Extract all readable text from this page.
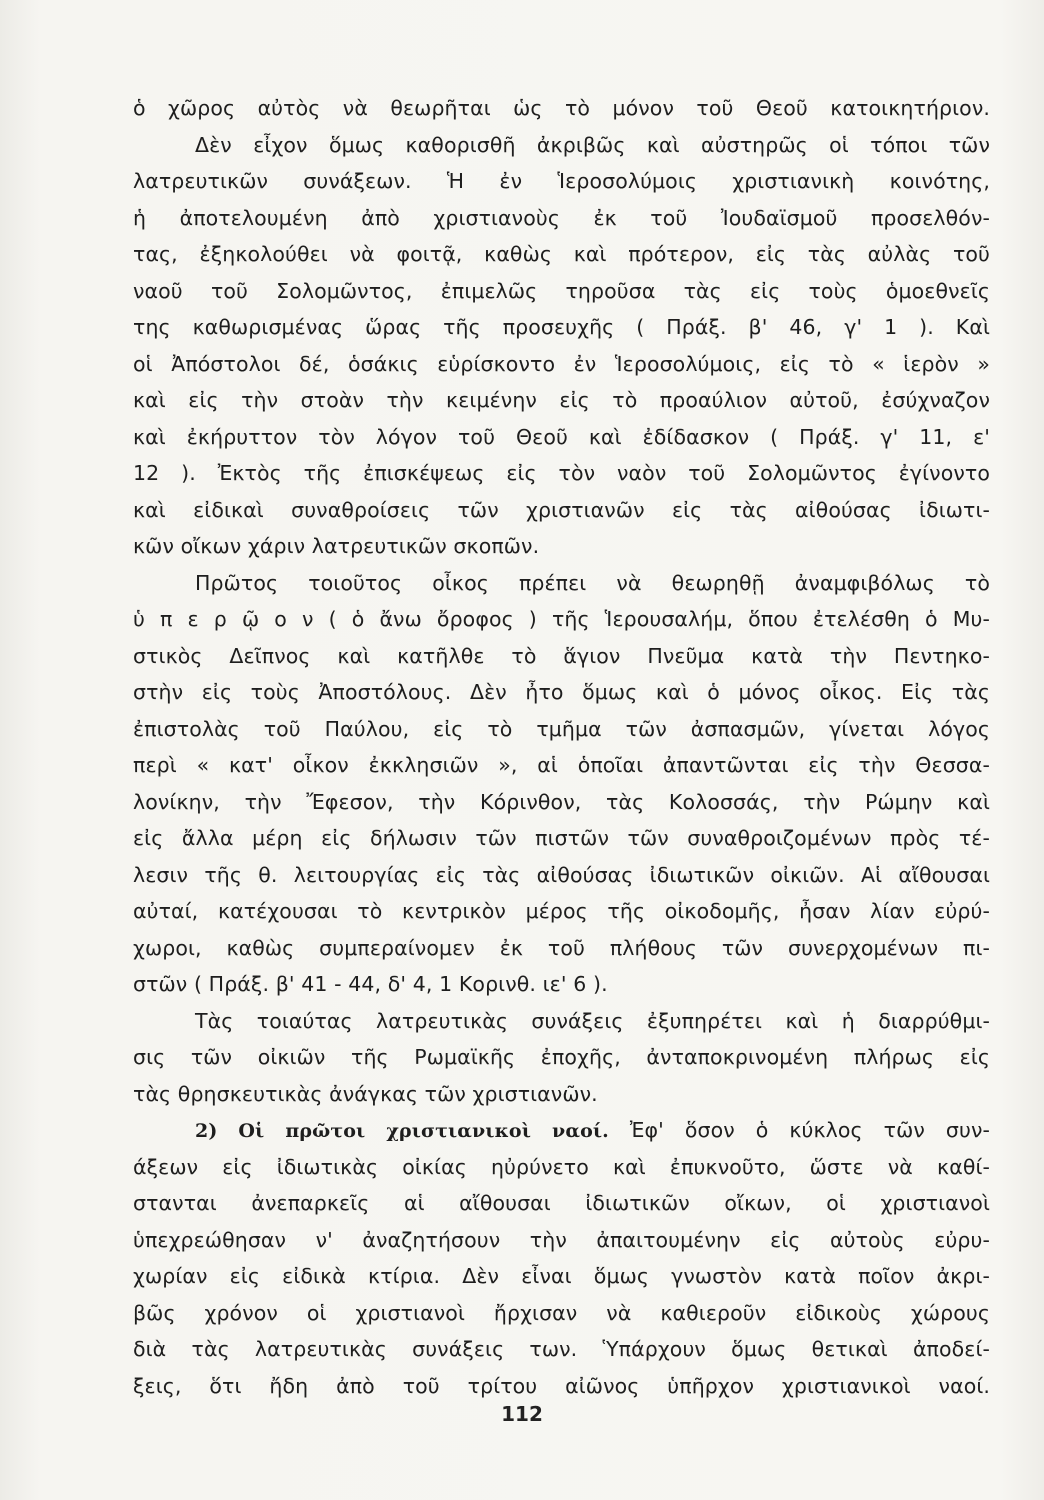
ὁ χῶρος αὐτὸς νὰ θεωρῆται ὡς τὸ μόνον τοῦ Θεοῦ κατοικητήριον.
Δὲν εἶχον ὅμως καθορισθῆ ἀκριβῶς καὶ αὐστηρῶς οἱ τόποι τῶν
λατρευτικῶν συνάξεων. Ἡ ἐν Ἱεροσολύμοις χριστιανικὴ κοινότης,
ἡ ἀποτελουμένη ἀπὸ χριστιανοὺς ἐκ τοῦ Ἰουδαϊσμοῦ προσελθόν-
τας, ἐξηκολούθει νὰ φοιτᾷ, καθὼς καὶ πρότερον, εἰς τὰς αὐλὰς τοῦ
ναοῦ τοῦ Σολομῶντος, ἐπιμελῶς τηροῦσα τὰς εἰς τοὺς ὁμοεθνεῖς
της καθωρισμένας ὥρας τῆς προσευχῆς ( Πράξ. β' 46, γ' 1 ). Καὶ
οἱ Ἀπόστολοι δέ, ὁσάκις εὑρίσκοντο ἐν Ἱεροσολύμοις, εἰς τὸ « ἱερὸν »
καὶ εἰς τὴν στοὰν τὴν κειμένην εἰς τὸ προαύλιον αὐτοῦ, ἐσύχναζον
καὶ ἐκήρυττον τὸν λόγον τοῦ Θεοῦ καὶ ἐδίδασκον ( Πράξ. γ' 11, ε'
12 ). Ἐκτὸς τῆς ἐπισκέψεως εἰς τὸν ναὸν τοῦ Σολομῶντος ἐγίνοντο
καὶ εἰδικαὶ συναθροίσεις τῶν χριστιανῶν εἰς τὰς αἰθούσας ἰδιωτι-
κῶν οἴκων χάριν λατρευτικῶν σκοπῶν.
Πρῶτος τοιοῦτος οἶκος πρέπει νὰ θεωρηθῇ ἀναμφιβόλως τὸ
ὑ π ε ρ ῷ ο ν ( ὁ ἄνω ὄροφος ) τῆς Ἱερουσαλήμ, ὅπου ἐτελέσθη ὁ Μυ-
στικὸς Δεῖπνος καὶ κατῆλθε τὸ ἅγιον Πνεῦμα κατὰ τὴν Πεντηκο-
στὴν εἰς τοὺς Ἀποστόλους. Δὲν ἦτο ὅμως καὶ ὁ μόνος οἶκος. Εἰς τὰς
ἐπιστολὰς τοῦ Παύλου, εἰς τὸ τμῆμα τῶν ἀσπασμῶν, γίνεται λόγος
περὶ « κατ' οἶκον ἐκκλησιῶν », αἱ ὁποῖαι ἀπαντῶνται εἰς τὴν Θεσσα-
λονίκην, τὴν Ἔφεσον, τὴν Κόρινθον, τὰς Κολοσσάς, τὴν Ρώμην καὶ
εἰς ἄλλα μέρη εἰς δήλωσιν τῶν πιστῶν τῶν συναθροιζομένων πρὸς τέ-
λεσιν τῆς θ. λειτουργίας εἰς τὰς αἰθούσας ἰδιωτικῶν οἰκιῶν. Αἱ αἴθουσαι
αὐταί, κατέχουσαι τὸ κεντρικὸν μέρος τῆς οἰκοδομῆς, ἦσαν λίαν εὐρύ-
χωροι, καθὼς συμπεραίνομεν ἐκ τοῦ πλήθους τῶν συνερχομένων πι-
στῶν ( Πράξ. β' 41 - 44, δ' 4, 1 Κορινθ. ιε' 6 ).
Τὰς τοιαύτας λατρευτικὰς συνάξεις ἐξυπηρέτει καὶ ἡ διαρρύθμι-
σις τῶν οἰκιῶν τῆς Ρωμαϊκῆς ἐποχῆς, ἀνταποκρινομένη πλήρως εἰς
τὰς θρησκευτικὰς ἀνάγκας τῶν χριστιανῶν.
2) Οἱ πρῶτοι χριστιανικοὶ ναοί. Ἐφ' ὅσον ὁ κύκλος τῶν συν-
άξεων εἰς ἰδιωτικὰς οἰκίας ηὐρύνετο καὶ ἐπυκνοῦτο, ὥστε νὰ καθί-
στανται ἀνεπαρκεῖς αἱ αἴθουσαι ἰδιωτικῶν οἴκων, οἱ χριστιανοὶ
ὑπεχρεώθησαν ν' ἀναζητήσουν τὴν ἀπαιτουμένην εἰς αὐτοὺς εὐρυ-
χωρίαν εἰς εἰδικὰ κτίρια. Δὲν εἶναι ὅμως γνωστὸν κατὰ ποῖον ἀκρι-
βῶς χρόνον οἱ χριστιανοὶ ἤρχισαν νὰ καθιεροῦν εἰδικοὺς χώρους
διὰ τὰς λατρευτικὰς συνάξεις των. Ὑπάρχουν ὅμως θετικαὶ ἀποδεί-
ξεις, ὅτι ἤδη ἀπὸ τοῦ τρίτου αἰῶνος ὑπῆρχον χριστιανικοὶ ναοί.
112
